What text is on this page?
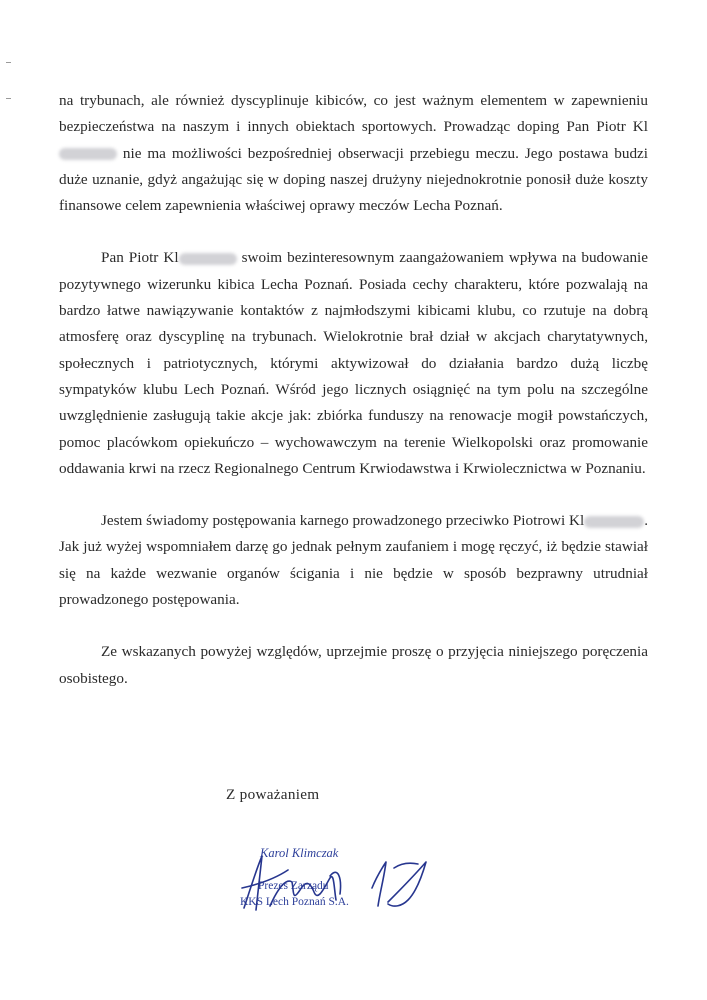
na trybunach, ale również dyscyplinuje kibiców, co jest ważnym elementem w zapewnieniu bezpieczeństwa na naszym i innych obiektach sportowych. Prowadząc doping Pan Piotr Kl nie ma możliwości bezpośredniej obserwacji przebiegu meczu. Jego postawa budzi duże uznanie, gdyż angażując się w doping naszej drużyny niejednokrotnie ponosił duże koszty finansowe celem zapewnienia właściwej oprawy meczów Lecha Poznań.

Pan Piotr Kl	swoim bezinteresownym zaangażowaniem wpływa na budowanie pozytywnego wizerunku kibica Lecha Poznań. Posiada cechy charakteru, które pozwalają na bardzo łatwe nawiązywanie kontaktów z najmłodszymi kibicami klubu, co rzutuje na dobrą atmosferę oraz dyscyplinę na trybunach. Wielokrotnie brał dział w akcjach charytatywnych, społecznych i patriotycznych, którymi aktywizował do działania bardzo dużą liczbę sympatyków klubu Lech Poznań. Wśród jego licznych osiągnięć na tym polu na szczególne uwzględnienie zasługują takie akcje jak: zbiórka funduszy na renowacje mogił powstańczych, pomoc placówkom opiekuńczo – wychowawczym na terenie Wielkopolski oraz promowanie oddawania krwi na rzecz Regionalnego Centrum Krwiodawstwa i Krwiolecznictwa w Poznaniu.

Jestem świadomy postępowania karnego prowadzonego przeciwko Piotrowi Kl	. Jak już wyżej wspomniałem darzę go jednak pełnym zaufaniem i mogę ręczyć, iż będzie stawiał się na każde wezwanie organów ścigania i nie będzie w sposób bezprawny utrudniał prowadzonego postępowania.

Ze wskazanych powyżej względów, uprzejmie proszę o przyjęcia niniejszego poręczenia osobistego.

Z poważaniem
Karol Klimczak
Prezes Zarządu
KKS Lech Poznań S.A.
